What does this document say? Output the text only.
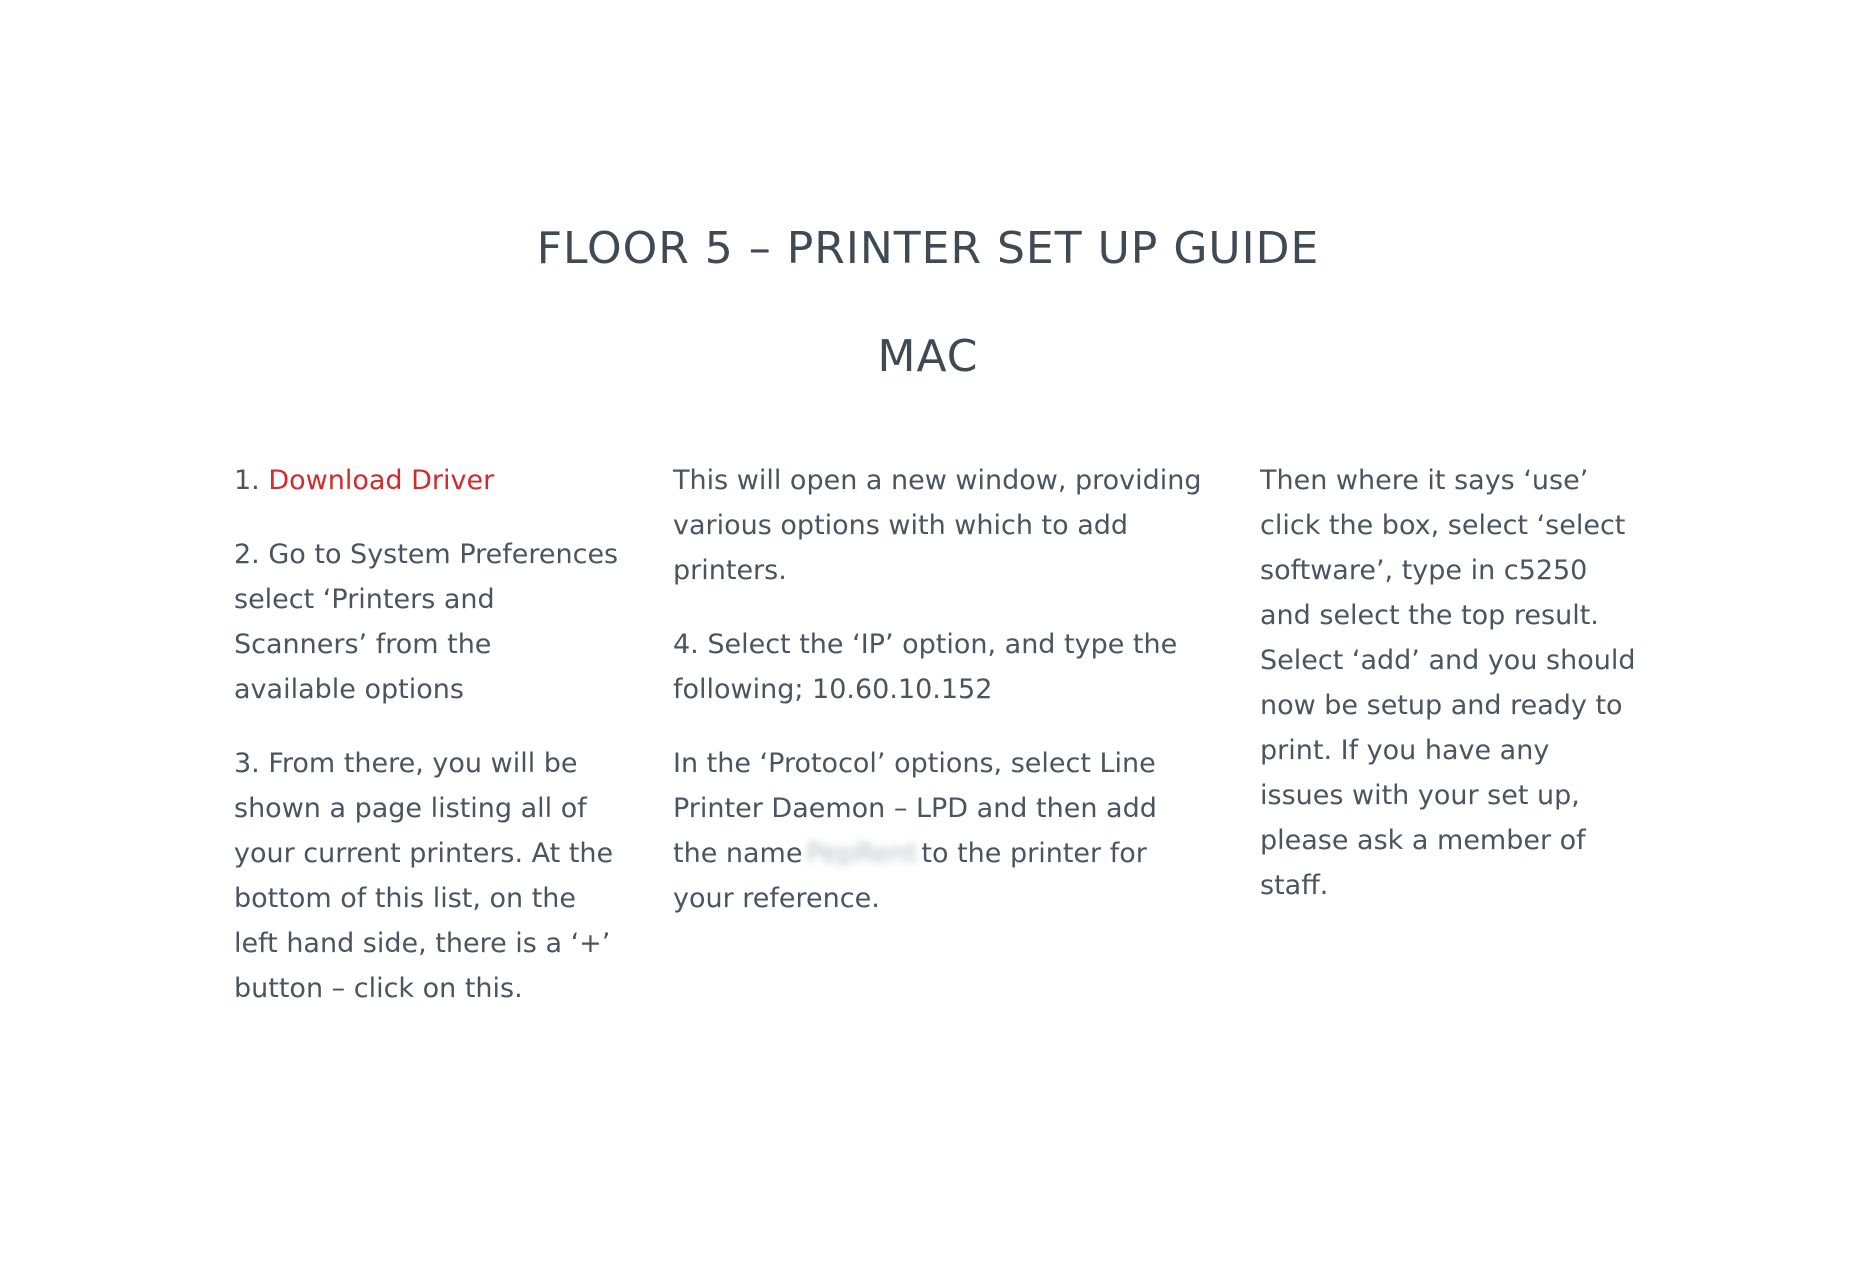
FLOOR 5 – PRINTER SET UP GUIDE
MAC

1. Download Driver

2. Go to System Preferences select ‘Printers and Scanners’ from the available options

3. From there, you will be shown a page listing all of your current printers. At the bottom of this list, on the left hand side, there is a ‘+’ button – click on this.

This will open a new window, providing various options with which to add printers.

4. Select the ‘IP’ option, and type the following; 10.60.10.152

In the ‘Protocol’ options, select Line Printer Daemon – LPD and then add the name PepRent to the printer for your reference.

Then where it says ‘use’ click the box, select ‘select software’, type in c5250 and select the top result. Select ‘add’ and you should now be setup and ready to print. If you have any issues with your set up, please ask a member of staff.
